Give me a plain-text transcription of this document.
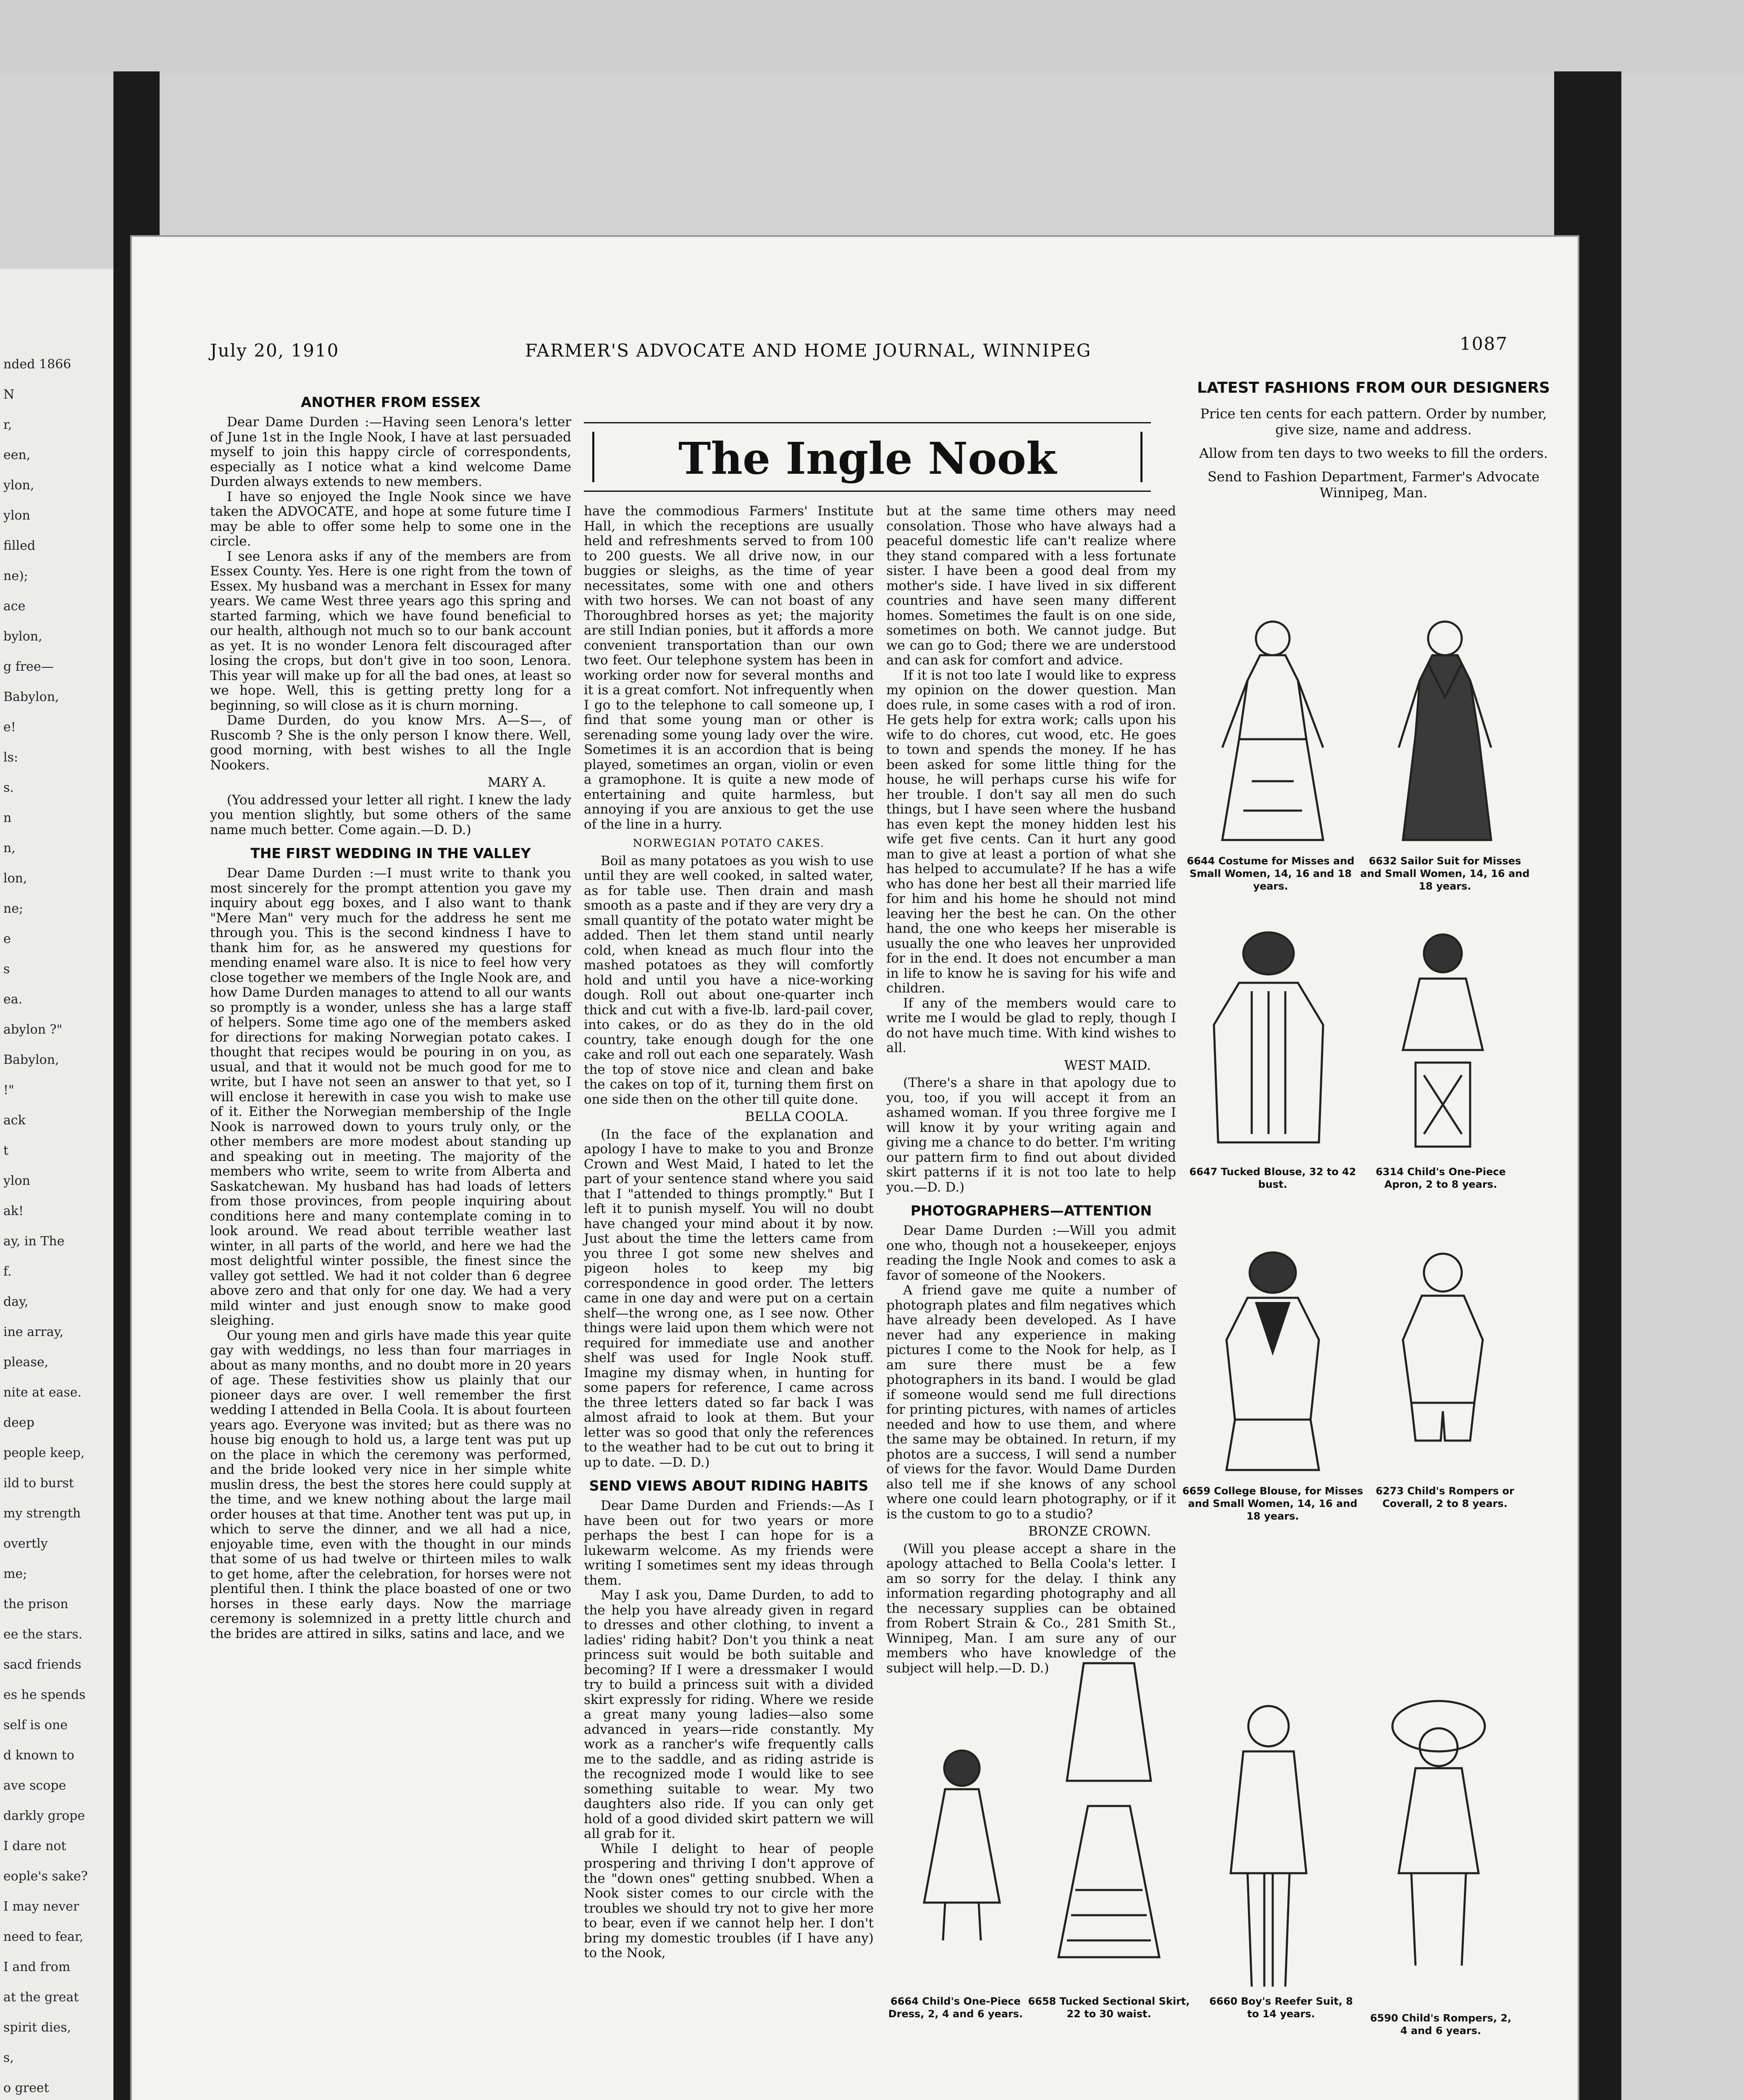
nded 1866
N
r,
een,
ylon,
ylon
filled
ne);
ace
bylon,
g free—
Babylon,
e!
ls:
s.
n
n,
lon,
ne;
e
s
ea.
abylon ?"
Babylon,
!"
ack
t
ylon
ak!
ay, in The
f.
day,
ine array,
please,
nite at ease.
deep
people keep,
ild to burst
my strength
overtly
me;
the prison
ee the stars.
sacd friends
es he spends
self is one
d known to
ave scope
darkly grope
I dare not
eople's sake?
I may never
need to fear,
I and from
at the great
spirit dies,
s,
o greet
July 20, 1910	FARMER'S ADVOCATE AND HOME JOURNAL, WINNIPEG	1087
The Ingle Nook
ANOTHER FROM ESSEX

Dear Dame Durden :—Having seen Lenora's letter of June 1st in the Ingle Nook, I have at last persuaded myself to join this happy circle of correspondents, especially as I notice what a kind welcome Dame Durden always extends to new members.

I have so enjoyed the Ingle Nook since we have taken the ADVOCATE, and hope at some future time I may be able to offer some help to some one in the circle.

I see Lenora asks if any of the members are from Essex County. Yes. Here is one right from the town of Essex. My husband was a merchant in Essex for many years. We came West three years ago this spring and started farming, which we have found beneficial to our health, although not much so to our bank account as yet. It is no wonder Lenora felt discouraged after losing the crops, but don't give in too soon, Lenora. This year will make up for all the bad ones, at least so we hope. Well, this is getting pretty long for a beginning, so will close as it is churn morning.

Dame Durden, do you know Mrs. A—S—, of Ruscomb ? She is the only person I know there. Well, good morning, with best wishes to all the Ingle Nookers.

MARY A.

(You addressed your letter all right. I knew the lady you mention slightly, but some others of the same name much better. Come again.—D. D.)

THE FIRST WEDDING IN THE VALLEY

Dear Dame Durden :—I must write to thank you most sincerely for the prompt attention you gave my inquiry about egg boxes, and I also want to thank "Mere Man" very much for the address he sent me through you. This is the second kindness I have to thank him for, as he answered my questions for mending enamel ware also. It is nice to feel how very close together we members of the Ingle Nook are, and how Dame Durden manages to attend to all our wants so promptly is a wonder, unless she has a large staff of helpers. Some time ago one of the members asked for directions for making Norwegian potato cakes. I thought that recipes would be pouring in on you, as usual, and that it would not be much good for me to write, but I have not seen an answer to that yet, so I will enclose it herewith in case you wish to make use of it. Either the Norwegian membership of the Ingle Nook is narrowed down to yours truly only, or the other members are more modest about standing up and speaking out in meeting. The majority of the members who write, seem to write from Alberta and Saskatchewan. My husband has had loads of letters from those provinces, from people inquiring about conditions here and many contemplate coming in to look around. We read about terrible weather last winter, in all parts of the world, and here we had the most delightful winter possible, the finest since the valley got settled. We had it not colder than 6 degree above zero and that only for one day. We had a very mild winter and just enough snow to make good sleighing.

Our young men and girls have made this year quite gay with weddings, no less than four marriages in about as many months, and no doubt more in 20 years of age. These festivities show us plainly that our pioneer days are over. I well remember the first wedding I attended in Bella Coola. It is about fourteen years ago. Everyone was invited; but as there was no house big enough to hold us, a large tent was put up on the place in which the ceremony was performed, and the bride looked very nice in her simple white muslin dress, the best the stores here could supply at the time, and we knew nothing about the large mail order houses at that time. Another tent was put up, in which to serve the dinner, and we all had a nice, enjoyable time, even with the thought in our minds that some of us had twelve or thirteen miles to walk to get home, after the celebration, for horses were not plentiful then. I think the place boasted of one or two horses in these early days. Now the marriage ceremony is solemnized in a pretty little church and the brides are attired in silks, satins and lace, and we

have the commodious Farmers' Institute Hall, in which the receptions are usually held and refreshments served to from 100 to 200 guests. We all drive now, in our buggies or sleighs, as the time of year necessitates, some with one and others with two horses. We can not boast of any Thoroughbred horses as yet; the majority are still Indian ponies, but it affords a more convenient transportation than our own two feet. Our telephone system has been in working order now for several months and it is a great comfort. Not infrequently when I go to the telephone to call someone up, I find that some young man or other is serenading some young lady over the wire. Sometimes it is an accordion that is being played, sometimes an organ, violin or even a gramophone. It is quite a new mode of entertaining and quite harmless, but annoying if you are anxious to get the use of the line in a hurry.

NORWEGIAN POTATO CAKES.

Boil as many potatoes as you wish to use until they are well cooked, in salted water, as for table use. Then drain and mash smooth as a paste and if they are very dry a small quantity of the potato water might be added. Then let them stand until nearly cold, when knead as much flour into the mashed potatoes as they will comfortly hold and until you have a nice-working dough. Roll out about one-quarter inch thick and cut with a five-lb. lard-pail cover, into cakes, or do as they do in the old country, take enough dough for the one cake and roll out each one separately. Wash the top of stove nice and clean and bake the cakes on top of it, turning them first on one side then on the other till quite done.

BELLA COOLA.

(In the face of the explanation and apology I have to make to you and Bronze Crown and West Maid, I hated to let the part of your sentence stand where you said that I "attended to things promptly." But I left it to punish myself. You will no doubt have changed your mind about it by now. Just about the time the letters came from you three I got some new shelves and pigeon holes to keep my big correspondence in good order. The letters came in one day and were put on a certain shelf—the wrong one, as I see now. Other things were laid upon them which were not required for immediate use and another shelf was used for Ingle Nook stuff. Imagine my dismay when, in hunting for some papers for reference, I came across the three letters dated so far back I was almost afraid to look at them. But your letter was so good that only the references to the weather had to be cut out to bring it up to date. —D. D.)

SEND VIEWS ABOUT RIDING HABITS

Dear Dame Durden and Friends:—As I have been out for two years or more perhaps the best I can hope for is a lukewarm welcome. As my friends were writing I sometimes sent my ideas through them.

May I ask you, Dame Durden, to add to the help you have already given in regard to dresses and other clothing, to invent a ladies' riding habit? Don't you think a neat princess suit would be both suitable and becoming? If I were a dressmaker I would try to build a princess suit with a divided skirt expressly for riding. Where we reside a great many young ladies—also some advanced in years—ride constantly. My work as a rancher's wife frequently calls me to the saddle, and as riding astride is the recognized mode I would like to see something suitable to wear. My two daughters also ride. If you can only get hold of a good divided skirt pattern we will all grab for it.

While I delight to hear of people prospering and thriving I don't approve of the "down ones" getting snubbed. When a Nook sister comes to our circle with the troubles we should try not to give her more to bear, even if we cannot help her. I don't bring my domestic troubles (if I have any) to the Nook,

but at the same time others may need consolation. Those who have always had a peaceful domestic life can't realize where they stand compared with a less fortunate sister. I have been a good deal from my mother's side. I have lived in six different countries and have seen many different homes. Sometimes the fault is on one side, sometimes on both. We cannot judge. But we can go to God; there we are understood and can ask for comfort and advice.

If it is not too late I would like to express my opinion on the dower question. Man does rule, in some cases with a rod of iron. He gets help for extra work; calls upon his wife to do chores, cut wood, etc. He goes to town and spends the money. If he has been asked for some little thing for the house, he will perhaps curse his wife for her trouble. I don't say all men do such things, but I have seen where the husband has even kept the money hidden lest his wife get five cents. Can it hurt any good man to give at least a portion of what she has helped to accumulate? If he has a wife who has done her best all their married life for him and his home he should not mind leaving her the best he can. On the other hand, the one who keeps her miserable is usually the one who leaves her unprovided for in the end. It does not encumber a man in life to know he is saving for his wife and children.

If any of the members would care to write me I would be glad to reply, though I do not have much time. With kind wishes to all.

WEST MAID.

(There's a share in that apology due to you, too, if you will accept it from an ashamed woman. If you three forgive me I will know it by your writing again and giving me a chance to do better. I'm writing our pattern firm to find out about divided skirt patterns if it is not too late to help you.—D. D.)

PHOTOGRAPHERS—ATTENTION

Dear Dame Durden :—Will you admit one who, though not a housekeeper, enjoys reading the Ingle Nook and comes to ask a favor of someone of the Nookers.

A friend gave me quite a number of photograph plates and film negatives which have already been developed. As I have never had any experience in making pictures I come to the Nook for help, as I am sure there must be a few photographers in its band. I would be glad if someone would send me full directions for printing pictures, with names of articles needed and how to use them, and where the same may be obtained. In return, if my photos are a success, I will send a number of views for the favor. Would Dame Durden also tell me if she knows of any school where one could learn photography, or if it is the custom to go to a studio?

BRONZE CROWN.

(Will you please accept a share in the apology attached to Bella Coola's letter. I am so sorry for the delay. I think any information regarding photography and all the necessary supplies can be obtained from Robert Strain & Co., 281 Smith St., Winnipeg, Man. I am sure any of our members who have knowledge of the subject will help.—D. D.)

LATEST FASHIONS FROM OUR DESIGNERS

Price ten cents for each pattern. Order by number, give size, name and address.

Allow from ten days to two weeks to fill the orders.

Send to Fashion Department, Farmer's Advocate Winnipeg, Man.

6644 Costume for Misses and Small Women, 14, 16 and 18 years.
6632 Sailor Suit for Misses and Small Women, 14, 16 and 18 years.
6647 Tucked Blouse, 32 to 42 bust.
6314 Child's One-Piece Apron, 2 to 8 years.
6659 College Blouse, for Misses and Small Women, 14, 16 and 18 years.
6273 Child's Rompers or Coverall, 2 to 8 years.
6664 Child's One-Piece Dress, 2, 4 and 6 years.
6658 Tucked Sectional Skirt, 22 to 30 waist.
6660 Boy's Reefer Suit, 8 to 14 years.	6590 Child's Rompers, 2, 4 and 6 years.
